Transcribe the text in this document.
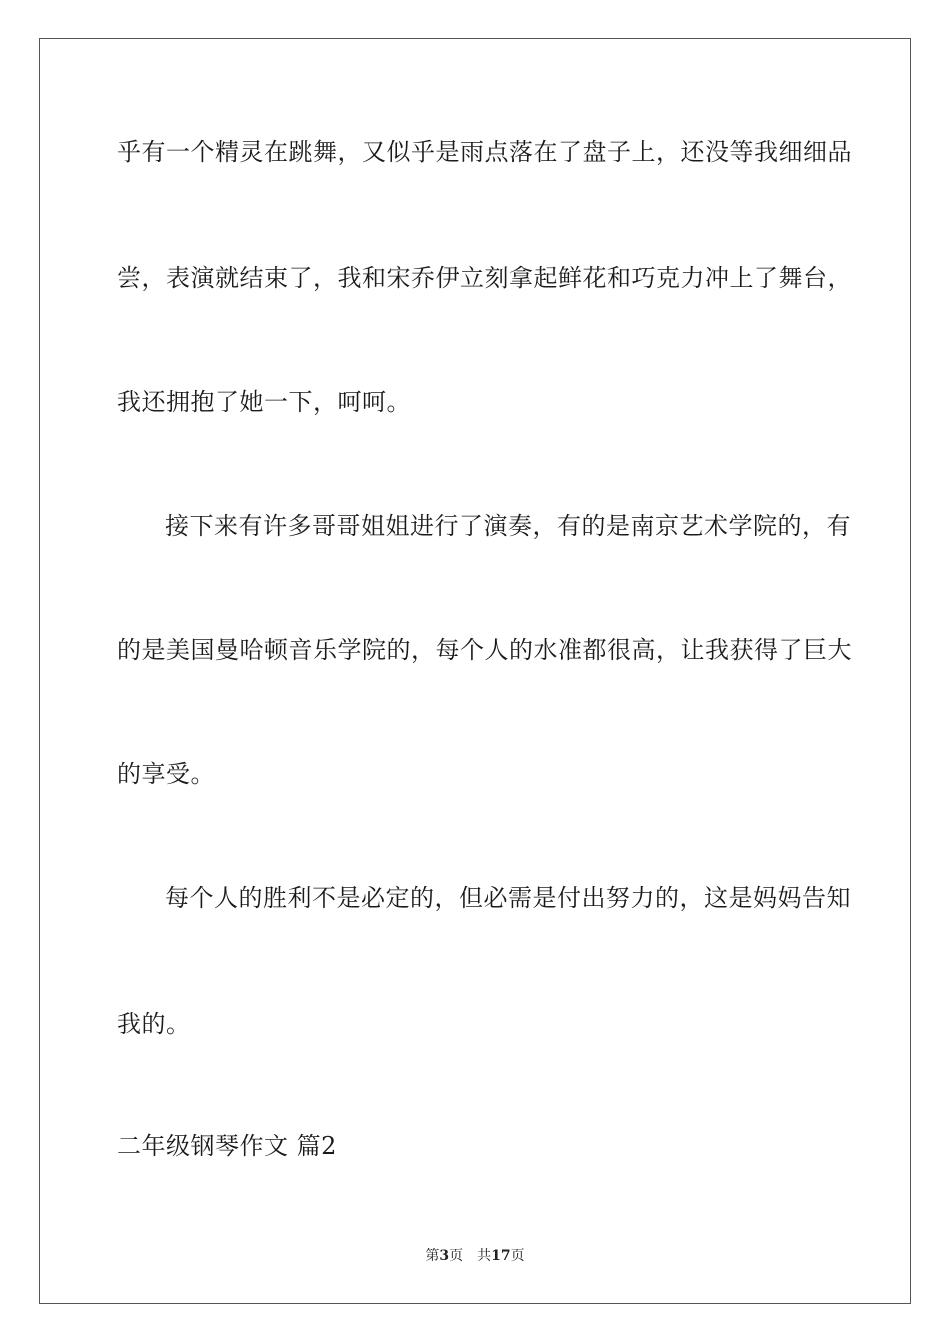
乎有一个精灵在跳舞，又似乎是雨点落在了盘子上，还没等我细细品
尝，表演就结束了，我和宋乔伊立刻拿起鲜花和巧克力冲上了舞台，
我还拥抱了她一下，呵呵。
接下来有许多哥哥姐姐进行了演奏，有的是南京艺术学院的，有
的是美国曼哈顿音乐学院的，每个人的水准都很高，让我获得了巨大
的享受。
每个人的胜利不是必定的，但必需是付出努力的，这是妈妈告知
我的。
二年级钢琴作文 篇2
第3页 共17页
